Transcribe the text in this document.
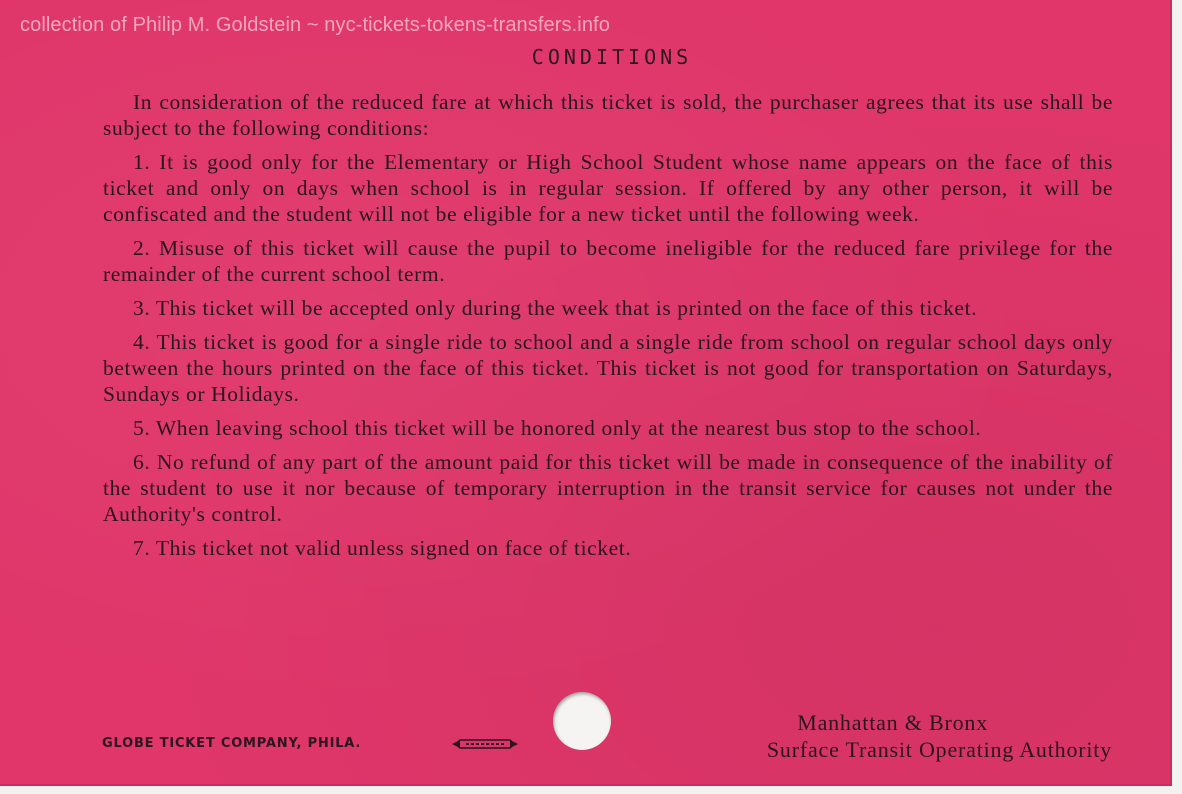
collection of Philip M. Goldstein ~ nyc-tickets-tokens-transfers.info
CONDITIONS

In consideration of the reduced fare at which this ticket is sold, the purchaser agrees that its use shall be subject to the following conditions:

1. It is good only for the Elementary or High School Student whose name appears on the face of this ticket and only on days when school is in regular session. If offered by any other person, it will be confiscated and the student will not be eligible for a new ticket until the following week.

2. Misuse of this ticket will cause the pupil to become ineligible for the reduced fare privilege for the remainder of the current school term.

3. This ticket will be accepted only during the week that is printed on the face of this ticket.

4. This ticket is good for a single ride to school and a single ride from school on regular school days only between the hours printed on the face of this ticket. This ticket is not good for transportation on Saturdays, Sundays or Holidays.

5. When leaving school this ticket will be honored only at the nearest bus stop to the school.

6. No refund of any part of the amount paid for this ticket will be made in consequence of the inability of the student to use it nor because of temporary interruption in the transit service for causes not under the Authority's control.

7. This ticket not valid unless signed on face of ticket.

GLOBE TICKET COMPANY, PHILA.
Manhattan & Bronx
Surface Transit Operating Authority
